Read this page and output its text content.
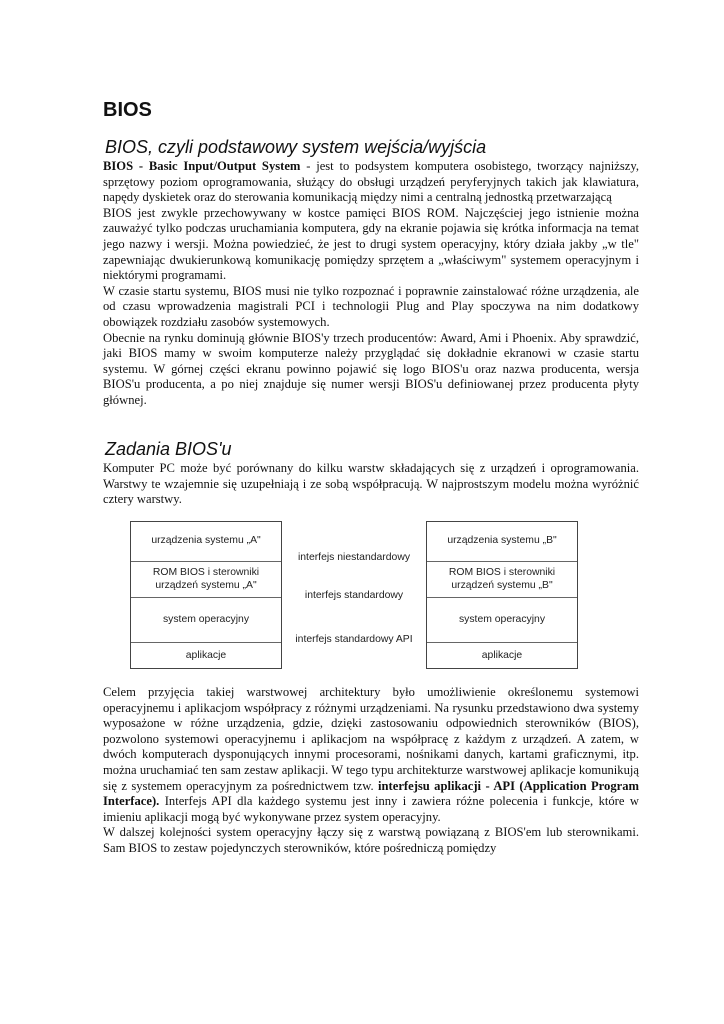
BIOS
BIOS, czyli podstawowy system wejścia/wyjścia

BIOS - Basic Input/Output System - jest to podsystem komputera osobistego, tworzący najniższy, sprzętowy poziom oprogramowania, służący do obsługi urządzeń peryferyjnych takich jak klawiatura, napędy dyskietek oraz do sterowania komunikacją między nimi a centralną jednostką przetwarzającą

BIOS jest zwykle przechowywany w kostce pamięci BIOS ROM. Najczęściej jego istnienie można zauważyć tylko podczas uruchamiania komputera, gdy na ekranie pojawia się krótka informacja na temat jego nazwy i wersji. Można powiedzieć, że jest to drugi system operacyjny, który działa jakby „w tle" zapewniając dwukierunkową komunikację pomiędzy sprzętem a „właściwym" systemem operacyjnym i niektórymi programami.

W czasie startu systemu, BIOS musi nie tylko rozpoznać i poprawnie zainstalować różne urządzenia, ale od czasu wprowadzenia magistrali PCI i technologii Plug and Play spoczywa na nim dodatkowy obowiązek rozdziału zasobów systemowych.

Obecnie na rynku dominują głównie BIOS'y trzech producentów: Award, Ami i Phoenix. Aby sprawdzić, jaki BIOS mamy w swoim komputerze należy przyglądać się dokładnie ekranowi w czasie startu systemu. W górnej części ekranu powinno pojawić się logo BIOS'u oraz nazwa producenta, wersja BIOS'u producenta, a po niej znajduje się numer wersji BIOS'u definiowanej przez producenta płyty głównej.

Zadania BIOS'u

Komputer PC może być porównany do kilku warstw składających się z urządzeń i oprogramowania. Warstwy te wzajemnie się uzupełniają i ze sobą współpracują. W najprostszym modelu można wyróżnić cztery warstwy.

urządzenia systemu „A"
ROM BIOS i sterowniki
urządzeń systemu „A"
system operacyjny
aplikacje
interfejs niestandardowy
interfejs standardowy
interfejs standardowy API
urządzenia systemu „B"
ROM BIOS i sterowniki
urządzeń systemu „B"
system operacyjny
aplikacje

Celem przyjęcia takiej warstwowej architektury było umożliwienie określonemu systemowi operacyjnemu i aplikacjom współpracy z różnymi urządzeniami. Na rysunku przedstawiono dwa systemy wyposażone w różne urządzenia, gdzie, dzięki zastosowaniu odpowiednich sterowników (BIOS), pozwolono systemowi operacyjnemu i aplikacjom na współpracę z każdym z urządzeń. A zatem, w dwóch komputerach dysponujących innymi procesorami, nośnikami danych, kartami graficznymi, itp. można uruchamiać ten sam zestaw aplikacji. W tego typu architekturze warstwowej aplikacje komunikują się z systemem operacyjnym za pośrednictwem tzw. interfejsu aplikacji - API (Application Program Interface). Interfejs API dla każdego systemu jest inny i zawiera różne polecenia i funkcje, które w imieniu aplikacji mogą być wykonywane przez system operacyjny.

W dalszej kolejności system operacyjny łączy się z warstwą powiązaną z BIOS'em lub sterownikami. Sam BIOS to zestaw pojedynczych sterowników, które pośredniczą pomiędzy
